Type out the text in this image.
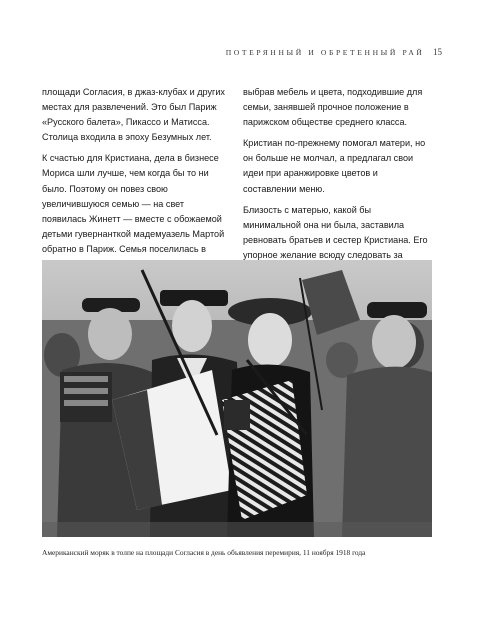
ПОТЕРЯННЫЙ И ОБРЕТЕННЫЙ РАЙ 15

площади Согласия, в джаз-клубах и других местах для развлечений. Это был Париж «Русского балета», Пикассо и Матисса. Столица входила в эпоху Безумных лет.

К счастью для Кристиана, дела в бизнесе Мориса шли лучше, чем когда бы то ни было. Поэтому он повез свою увеличившуюся семью — на свет появилась Жинетт — вместе с обожаемой детьми гувернанткой мадемуазель Мартой обратно в Париж. Семья поселилась в

выбрав мебель и цвета, подходившие для семьи, занявшей прочное положение в парижском обществе среднего класса.

Кристиан по-прежнему помогал матери, но он больше не молчал, а предлагал свои идеи при аранжировке цветов и составлении меню.

Близость с матерью, какой бы минимальной она ни была, заставила ревновать братьев и сестер Кристиана. Его упорное желание всюду следовать за

Американский моряк в толпе на площади Согласия в день объявления перемирия, 11 ноября 1918 года
